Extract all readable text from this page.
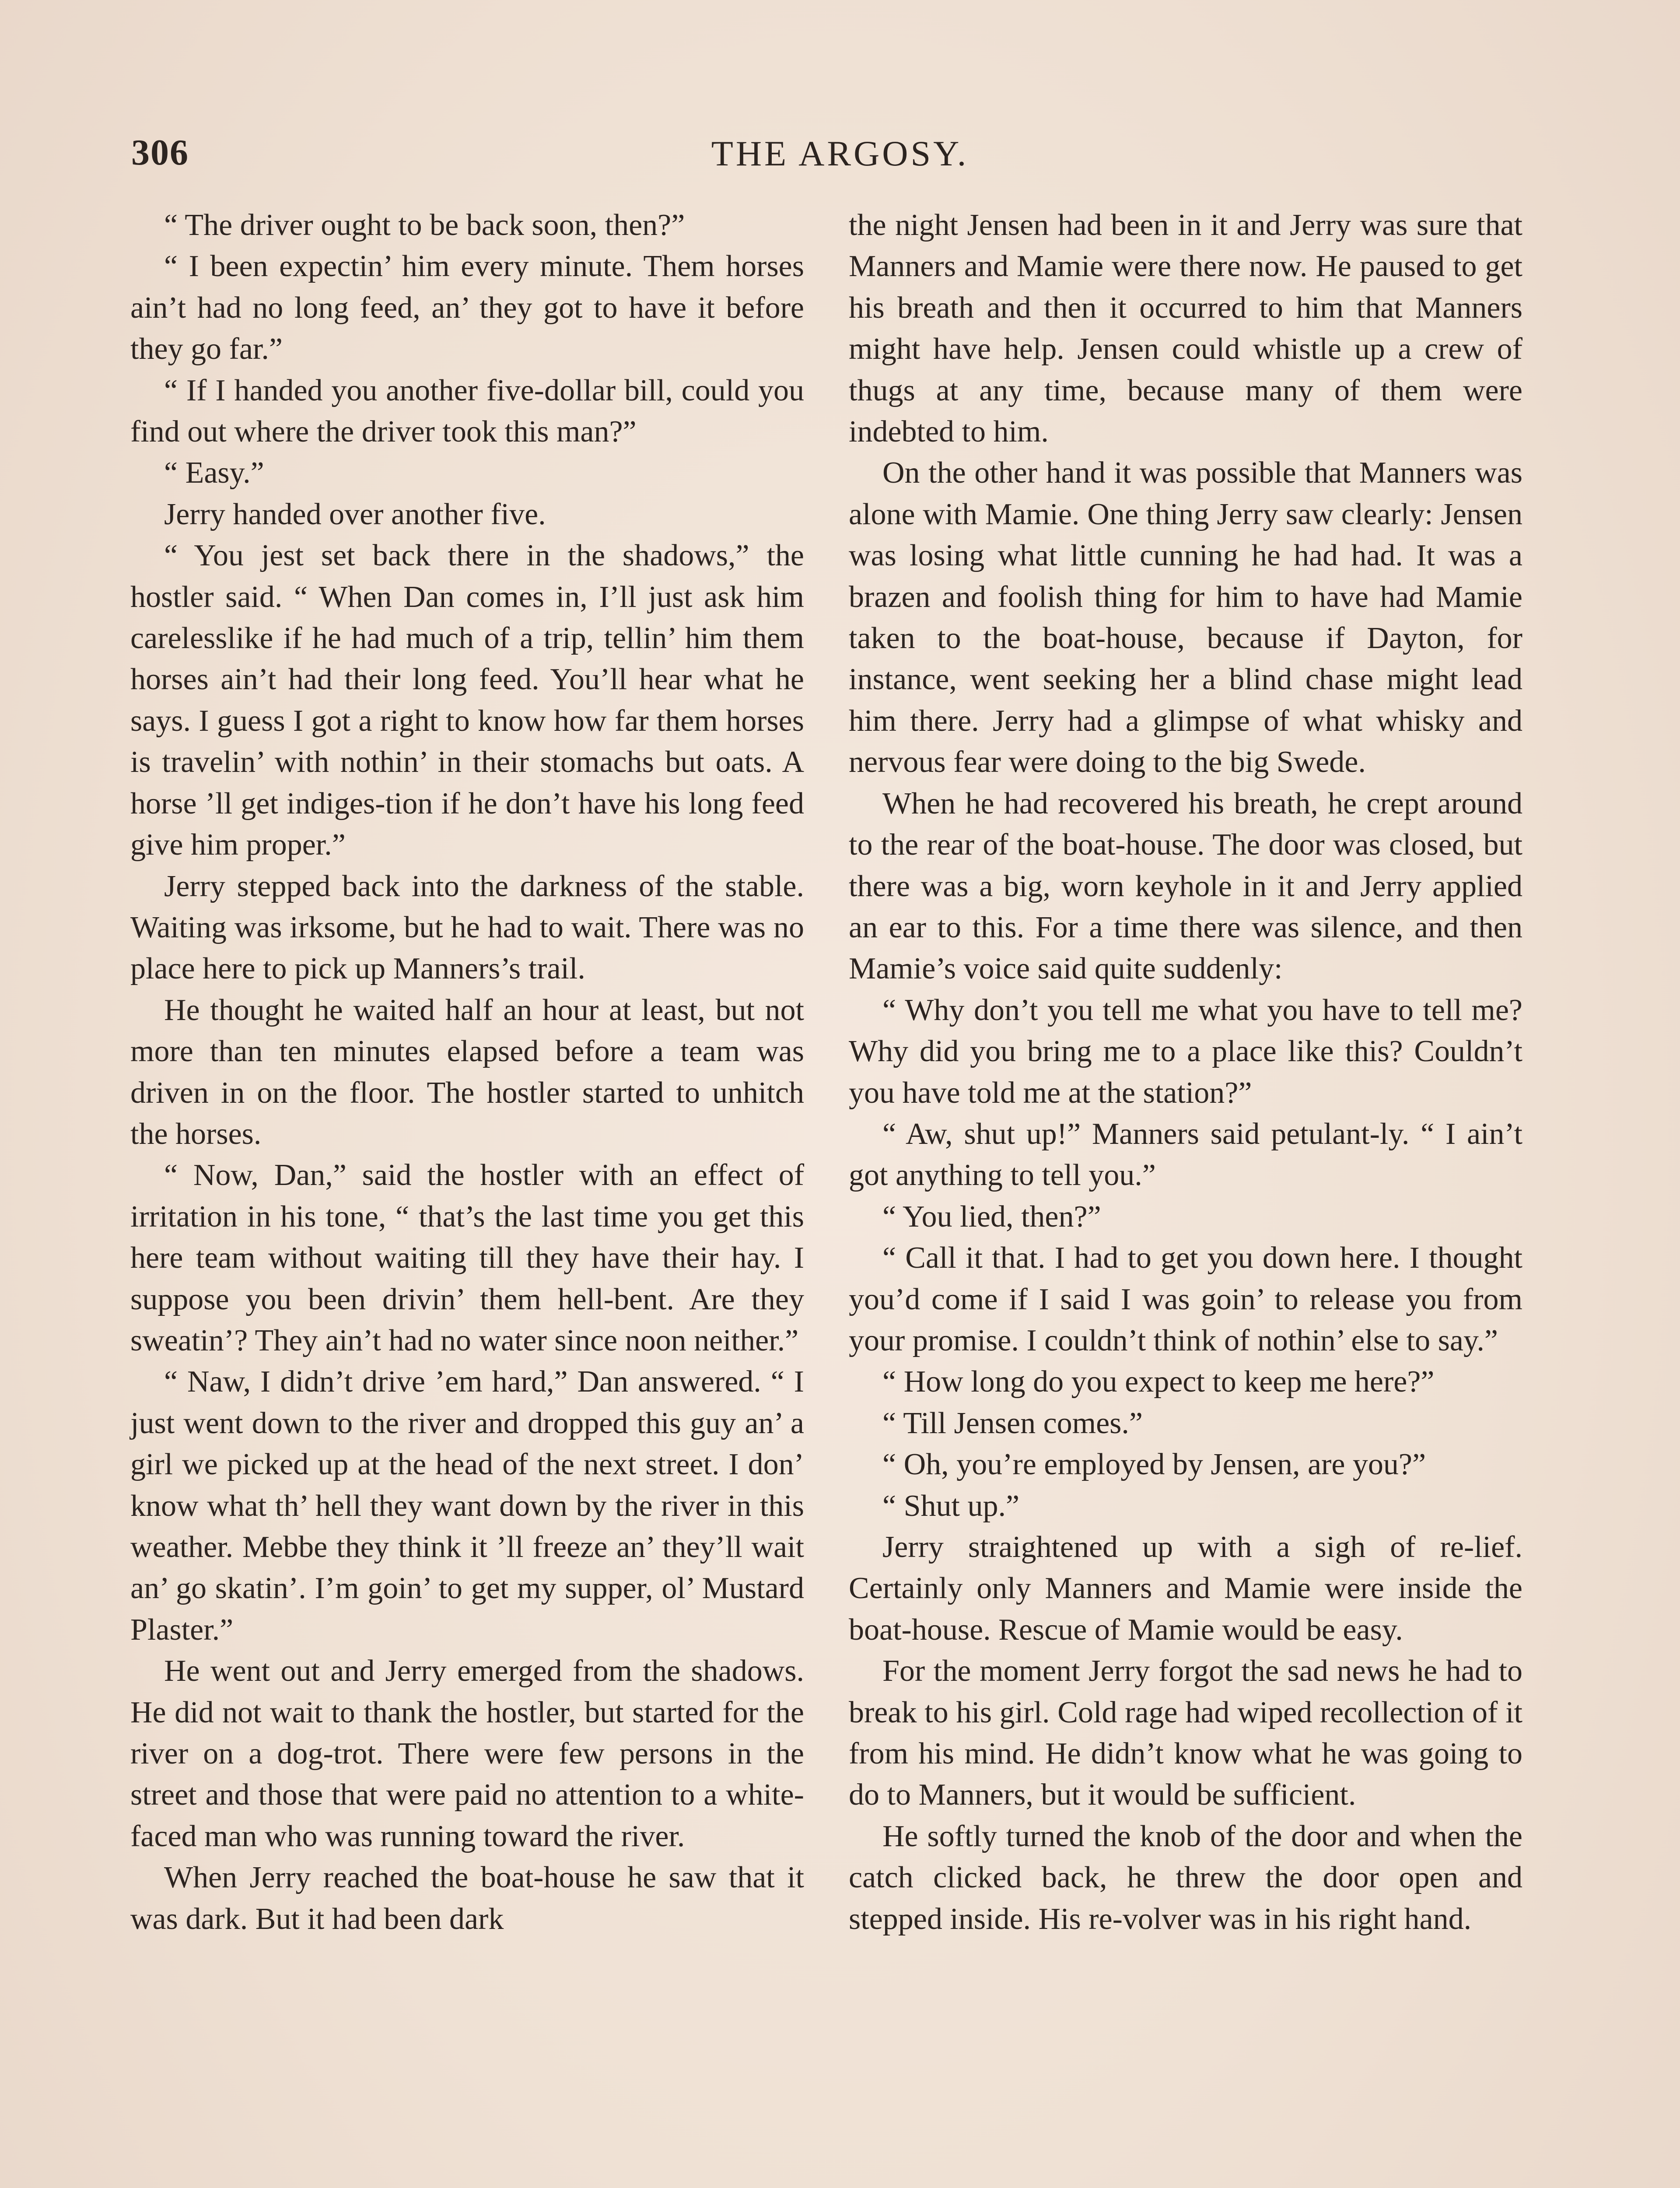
306	THE ARGOSY.

“ The driver ought to be back soon, then?”

“ I been expectin’ him every minute. Them horses ain’t had no long feed, an’ they got to have it before they go far.”

“ If I handed you another five-dollar bill, could you find out where the driver took this man?”

“ Easy.”

Jerry handed over another five.

“ You jest set back there in the shadows,” the hostler said. “ When Dan comes in, I’ll just ask him carelesslike if he had much of a trip, tellin’ him them horses ain’t had their long feed. You’ll hear what he says. I guess I got a right to know how far them horses is travelin’ with nothin’ in their stomachs but oats. A horse ’ll get indiges-tion if he don’t have his long feed give him proper.”

Jerry stepped back into the darkness of the stable. Waiting was irksome, but he had to wait. There was no place here to pick up Manners’s trail.

He thought he waited half an hour at least, but not more than ten minutes elapsed before a team was driven in on the floor. The hostler started to unhitch the horses.

“ Now, Dan,” said the hostler with an effect of irritation in his tone, “ that’s the last time you get this here team without waiting till they have their hay. I suppose you been drivin’ them hell-bent. Are they sweatin’? They ain’t had no water since noon neither.”

“ Naw, I didn’t drive ’em hard,” Dan answered. “ I just went down to the river and dropped this guy an’ a girl we picked up at the head of the next street. I don’ know what th’ hell they want down by the river in this weather. Mebbe they think it ’ll freeze an’ they’ll wait an’ go skatin’. I’m goin’ to get my supper, ol’ Mustard Plaster.”

He went out and Jerry emerged from the shadows. He did not wait to thank the hostler, but started for the river on a dog-trot. There were few persons in the street and those that were paid no attention to a white-faced man who was running toward the river.

When Jerry reached the boat-house he saw that it was dark. But it had been dark

the night Jensen had been in it and Jerry was sure that Manners and Mamie were there now. He paused to get his breath and then it occurred to him that Manners might have help. Jensen could whistle up a crew of thugs at any time, because many of them were indebted to him.

On the other hand it was possible that Manners was alone with Mamie. One thing Jerry saw clearly: Jensen was losing what little cunning he had had. It was a brazen and foolish thing for him to have had Mamie taken to the boat-house, because if Dayton, for instance, went seeking her a blind chase might lead him there. Jerry had a glimpse of what whisky and nervous fear were doing to the big Swede.

When he had recovered his breath, he crept around to the rear of the boat-house. The door was closed, but there was a big, worn keyhole in it and Jerry applied an ear to this. For a time there was silence, and then Mamie’s voice said quite suddenly:

“ Why don’t you tell me what you have to tell me? Why did you bring me to a place like this? Couldn’t you have told me at the station?”

“ Aw, shut up!” Manners said petulant-ly. “ I ain’t got anything to tell you.”

“ You lied, then?”

“ Call it that. I had to get you down here. I thought you’d come if I said I was goin’ to release you from your promise. I couldn’t think of nothin’ else to say.”

“ How long do you expect to keep me here?”

“ Till Jensen comes.”

“ Oh, you’re employed by Jensen, are you?”

“ Shut up.”

Jerry straightened up with a sigh of re-lief. Certainly only Manners and Mamie were inside the boat-house. Rescue of Mamie would be easy.

For the moment Jerry forgot the sad news he had to break to his girl. Cold rage had wiped recollection of it from his mind. He didn’t know what he was going to do to Manners, but it would be sufficient.

He softly turned the knob of the door and when the catch clicked back, he threw the door open and stepped inside. His re-volver was in his right hand.
